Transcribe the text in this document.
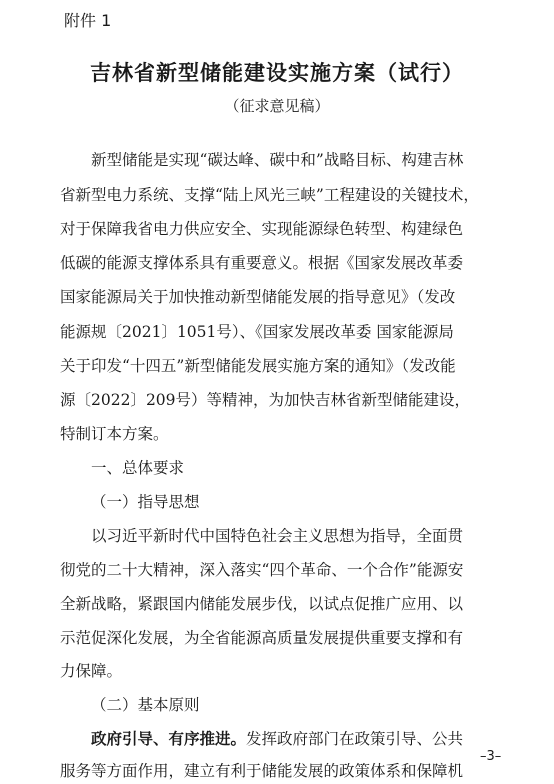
附件 1
吉林省新型储能建设实施方案（试行）
（征求意见稿）
新型储能是实现“碳达峰、碳中和”战略目标、构建吉林
省新型电力系统、支撑“陆上风光三峡”工程建设的关键技术，
对于保障我省电力供应安全、实现能源绿色转型、构建绿色
低碳的能源支撑体系具有重要意义。根据《国家发展改革委
国家能源局关于加快推动新型储能发展的指导意见》（发改
能源规〔2021〕1051号）、《国家发展改革委 国家能源局
关于印发“十四五”新型储能发展实施方案的通知》（发改能
源〔2022〕209号）等精神，为加快吉林省新型储能建设，
特制订本方案。
一、总体要求
（一）指导思想
以习近平新时代中国特色社会主义思想为指导，全面贯
彻党的二十大精神，深入落实“四个革命、一个合作”能源安
全新战略，紧跟国内储能发展步伐，以试点促推广应用、以
示范促深化发展，为全省能源高质量发展提供重要支撑和有
力保障。
（二）基本原则
政府引导、有序推进。发挥政府部门在政策引导、公共
服务等方面作用，建立有利于储能发展的政策体系和保障机
–3–
